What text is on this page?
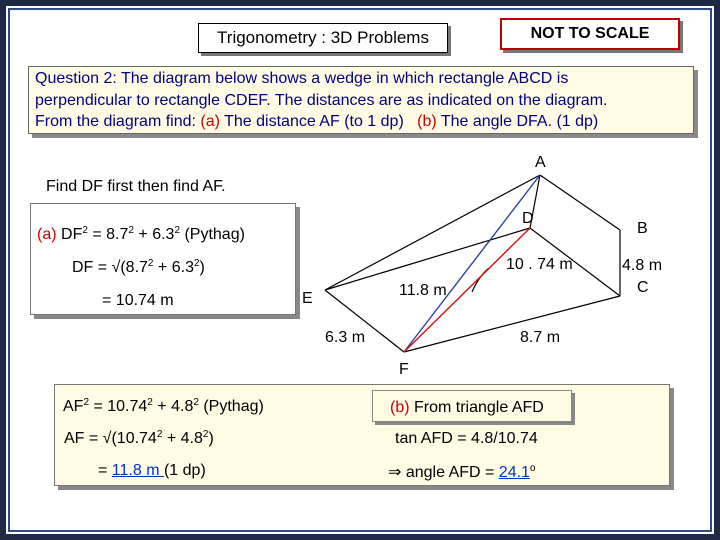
Trigonometry : 3D Problems	NOT TO SCALE
Question 2: The diagram below shows a wedge in which rectangle ABCD is
perpendicular to rectangle CDEF. The distances are as indicated on the diagram.
From the diagram find: (a) The distance AF (to 1 dp) (b) The angle DFA. (1 dp)
Find DF first then find AF.
(a) $DF^2 = 8.7^2 + 6.3^2$ (Pythag)
DF = $√(8.7^2 + 6.3^2)$
= 10.74 m
A
D
B
10 . 74 m	4.8 m
C
11.8 m
E
6.3 m	8.7 m
F
$AF^2 = 10.74^2 + 4.8^2$ (Pythag)
AF = $√(10.74^2 + 4.8^2)$
= 11.8 m (1 dp)
(b) From triangle AFD
tan AFD = 4.8/10.74
⇒ angle AFD = $24.1^o$
